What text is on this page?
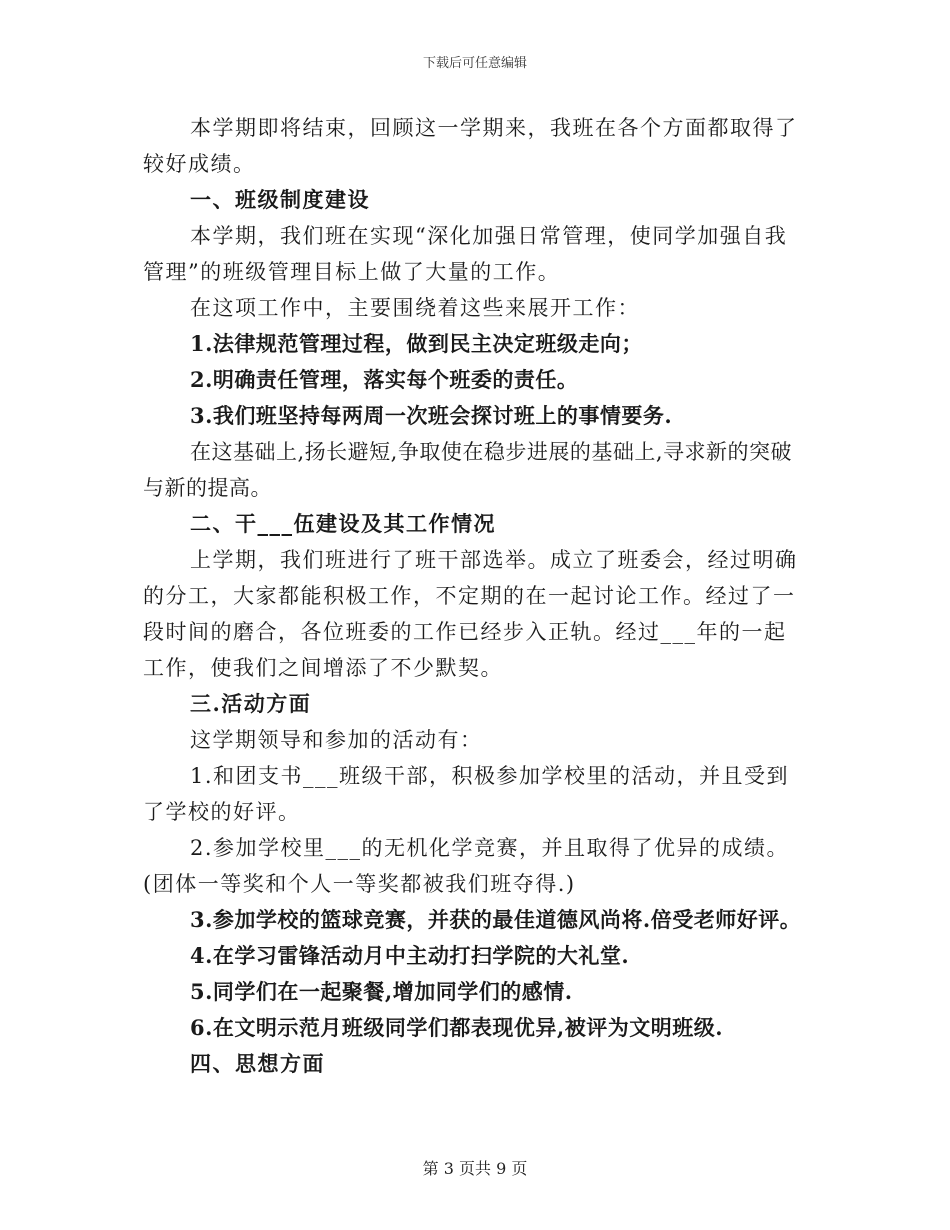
下载后可任意编辑

本学期即将结束，回顾这一学期来，我班在各个方面都取得了较好成绩。

一、班级制度建设

本学期，我们班在实现“深化加强日常管理，使同学加强自我管理”的班级管理目标上做了大量的工作。

在这项工作中，主要围绕着这些来展开工作：

1.法律规范管理过程，做到民主决定班级走向；

2.明确责任管理，落实每个班委的责任。

3.我们班坚持每两周一次班会探讨班上的事情要务.

在这基础上,扬长避短,争取使在稳步进展的基础上,寻求新的突破与新的提高。

二、干___伍建设及其工作情况

上学期，我们班进行了班干部选举。成立了班委会，经过明确的分工，大家都能积极工作，不定期的在一起讨论工作。经过了一段时间的磨合，各位班委的工作已经步入正轨。经过___年的一起工作，使我们之间增添了不少默契。

三.活动方面

这学期领导和参加的活动有：

1.和团支书___班级干部，积极参加学校里的活动，并且受到了学校的好评。

2.参加学校里___的无机化学竞赛，并且取得了优异的成绩。(团体一等奖和个人一等奖都被我们班夺得.)

3.参加学校的篮球竞赛，并获的最佳道德风尚将.倍受老师好评。

4.在学习雷锋活动月中主动打扫学院的大礼堂.

5.同学们在一起聚餐,增加同学们的感情.

6.在文明示范月班级同学们都表现优异,被评为文明班级.

四、思想方面

第 3 页共 9 页
